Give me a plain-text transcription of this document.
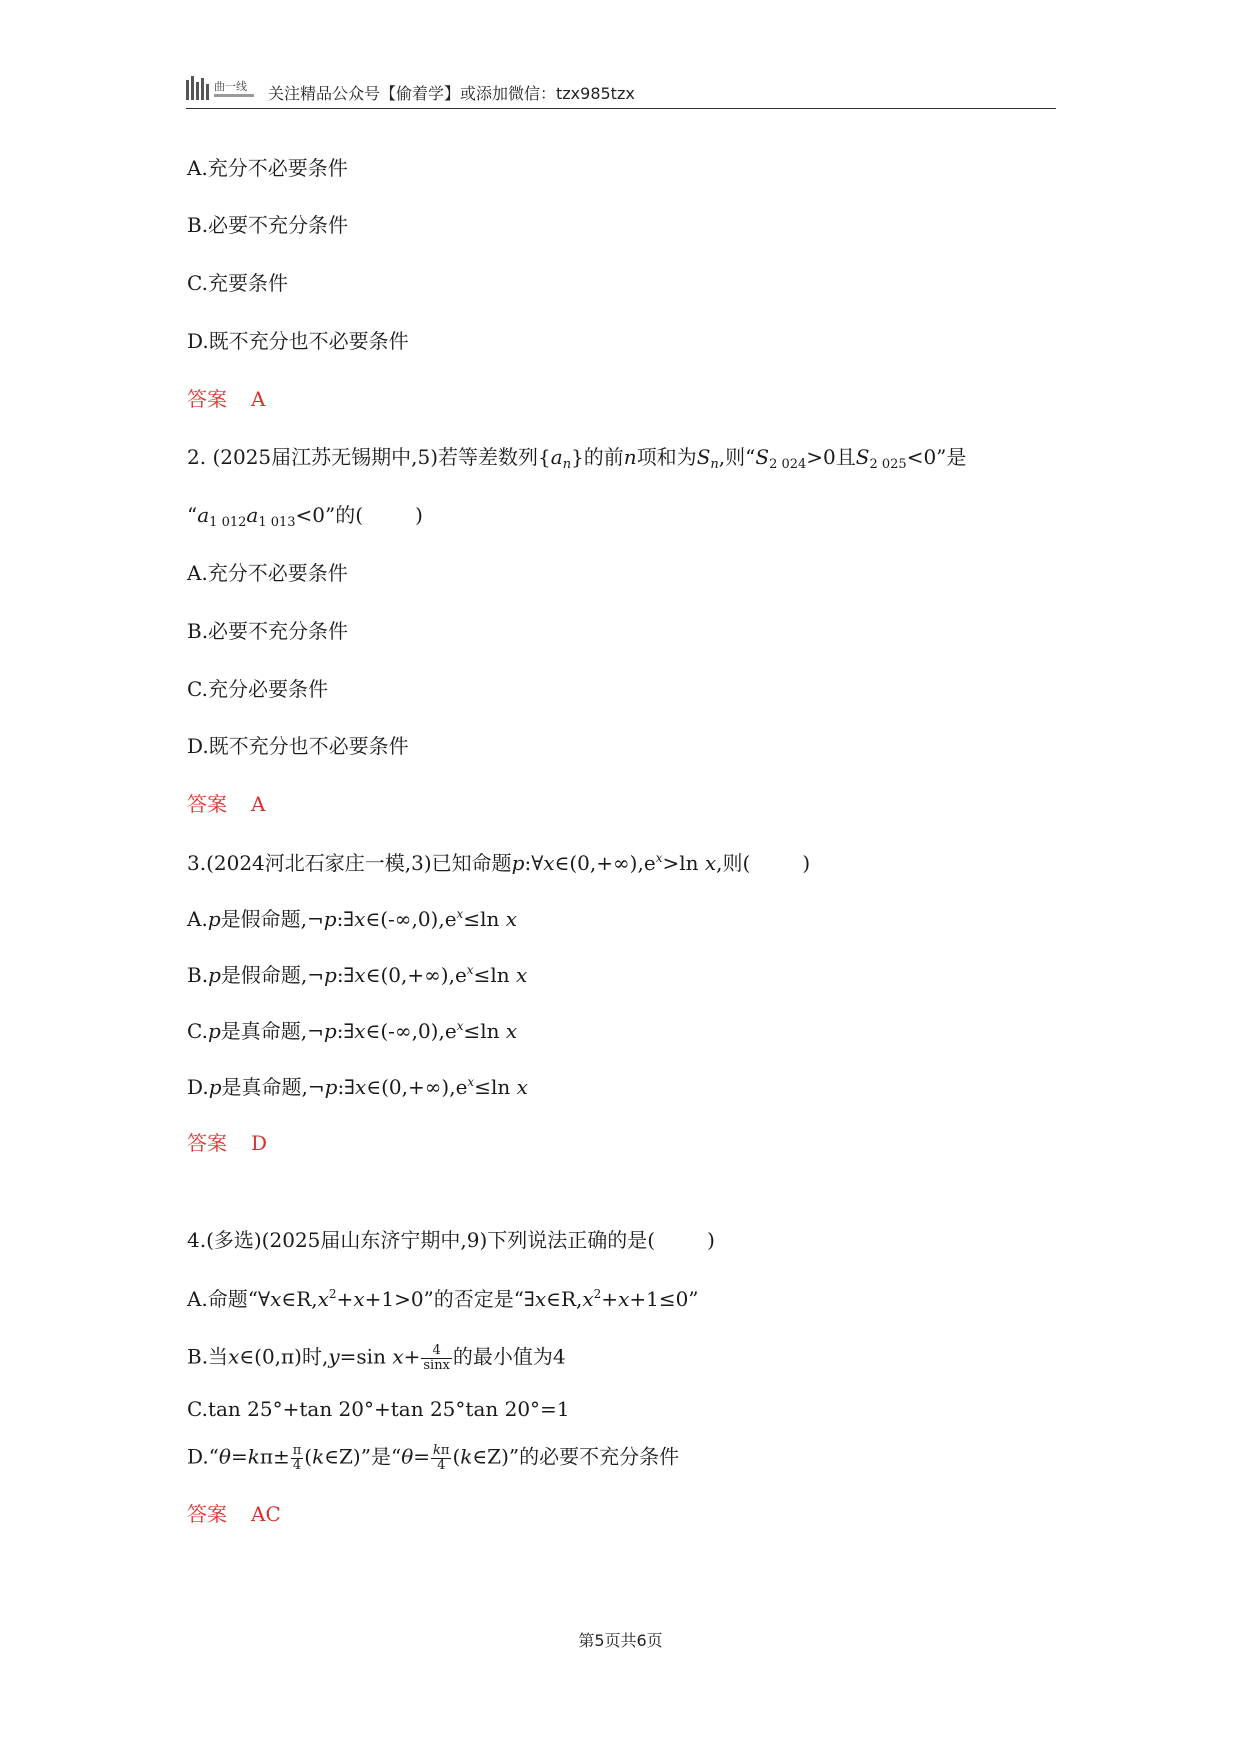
曲一线 关注精品公众号【偷着学】或添加微信：tzx985tzx
A.充分不必要条件
B.必要不充分条件
C.充要条件
D.既不充分也不必要条件
答案 A
2. (2025届江苏无锡期中,5)若等差数列$\{a_n\}$的前n项和为$S_n$,则“$S_{2 024}>0$且$S_{2 025}<0$”是
“$a_{1 012}a_{1 013}<0$”的(	)
A.充分不必要条件
B.必要不充分条件
C.充分必要条件
D.既不充分也不必要条件
答案 A
3.(2024河北石家庄一模,3)已知命题$p:\forall x\in(0,+\infty),e^x>\ln$ x,则(	)
A.p是假命题$,\neg p:\exists x\in(-\infty,0),e^x\le\ln$ x
B.p是假命题$,\neg p:\exists x\in(0,+\infty),e^x\le\ln$ x
C.p是真命题$,\neg p:\exists x\in(-\infty,0),e^x\le\ln$ x
D.p是真命题$,\neg p:\exists x\in(0,+\infty),e^x\le\ln$ x
答案 D
4.(多选)(2025届山东济宁期中,9)下列说法正确的是(	)
A.命题“$\forall x\in R,x^2+x+1>0$”的否定是“$\exists x\in R,x^2+x+1\le 0$”
B.当x∈(0,π)时,y=sin $x+ \frac{4}{\sin x}$ 的最小值为4
C.tan 25°+tan 20°+tan 25°tan 20°=1
D.“θ=kπ± $\frac{\pi}{4}$ (k∈Z)”是“$\theta= \frac{k\pi}{4}$ (k∈Z)”的必要不充分条件
答案 AC
第5页共6页
